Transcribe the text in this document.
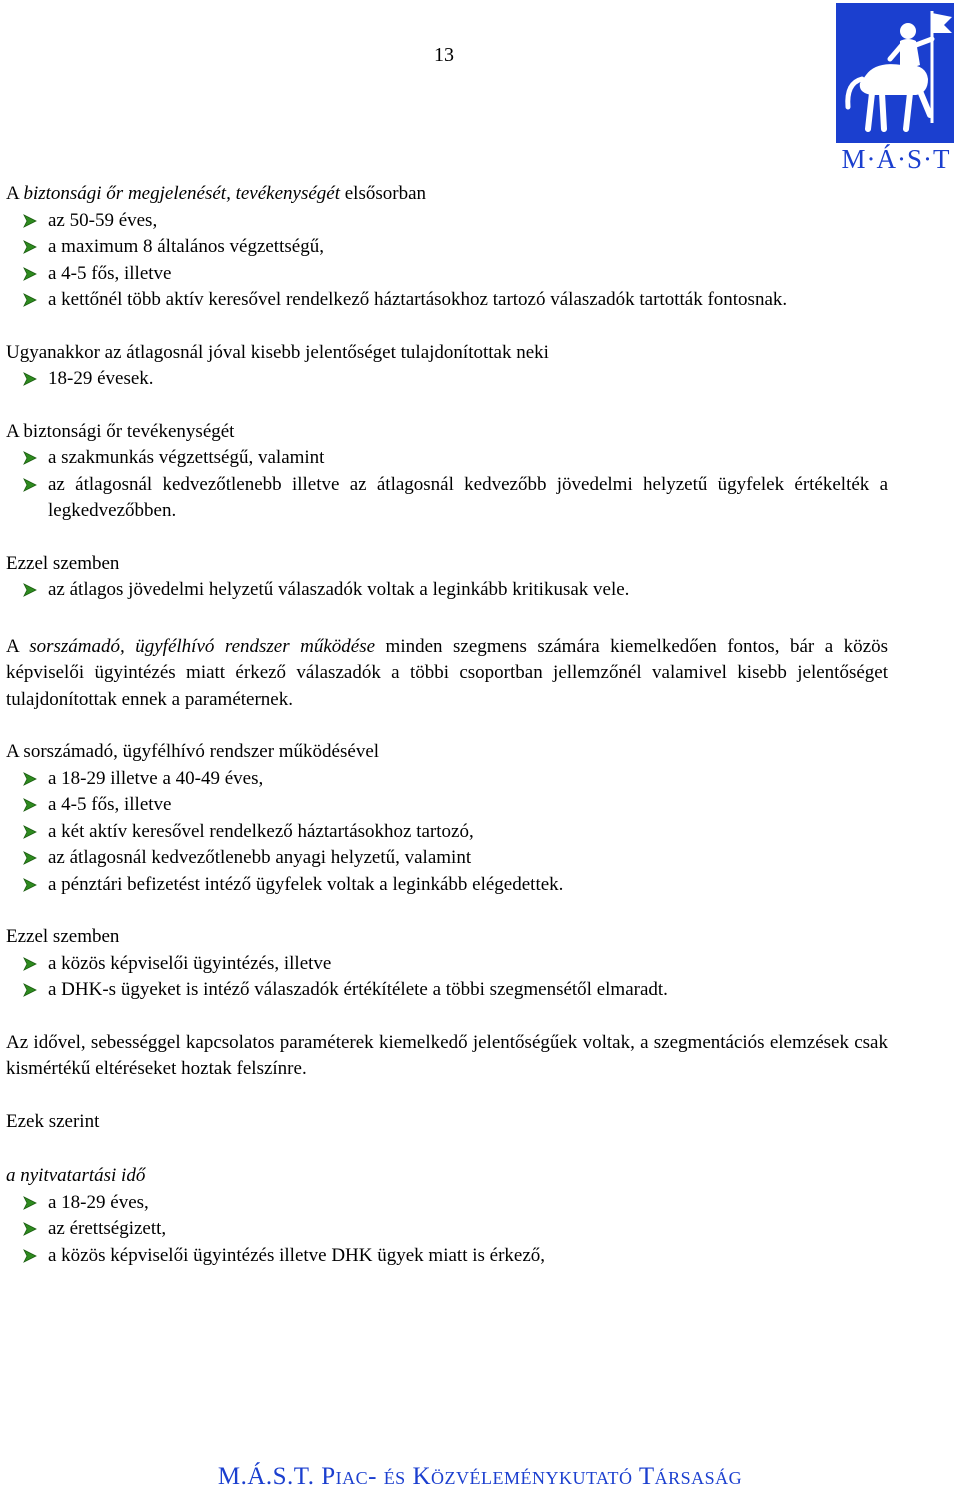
13
M·Á·S·T

A biztonsági őr megjelenését, tevékenységét elsősorban

az 50-59 éves,
a maximum 8 általános végzettségű,
a 4-5 fős, illetve
a kettőnél több aktív keresővel rendelkező háztartásokhoz tartozó válaszadók tartották fontosnak.

Ugyanakkor az átlagosnál jóval kisebb jelentőséget tulajdonítottak neki

18-29 évesek.

A biztonsági őr tevékenységét

a szakmunkás végzettségű, valamint
az átlagosnál kedvezőtlenebb illetve az átlagosnál kedvezőbb jövedelmi helyzetű ügyfelek értékelték a legkedvezőbben.

Ezzel szemben

az átlagos jövedelmi helyzetű válaszadók voltak a leginkább kritikusak vele.

A sorszámadó, ügyfélhívó rendszer működése minden szegmens számára kiemelkedően fontos, bár a közös képviselői ügyintézés miatt érkező válaszadók a többi csoportban jellemzőnél valamivel kisebb jelentőséget tulajdonítottak ennek a paraméternek.

A sorszámadó, ügyfélhívó rendszer működésével

a 18-29 illetve a 40-49 éves,
a 4-5 fős, illetve
a két aktív keresővel rendelkező háztartásokhoz tartozó,
az átlagosnál kedvezőtlenebb anyagi helyzetű, valamint
a pénztári befizetést intéző ügyfelek voltak a leginkább elégedettek.

Ezzel szemben

a közös képviselői ügyintézés, illetve
a DHK-s ügyeket is intéző válaszadók értékítélete a többi szegmensétől elmaradt.

Az idővel, sebességgel kapcsolatos paraméterek kiemelkedő jelentőségűek voltak, a szegmentációs elemzések csak kismértékű eltéréseket hoztak felszínre.

Ezek szerint

a nyitvatartási idő

a 18-29 éves,
az érettségizett,
a közös képviselői ügyintézés illetve DHK ügyek miatt is érkező,
M.Á.S.T. Piac- és Közvéleménykutató Társaság
